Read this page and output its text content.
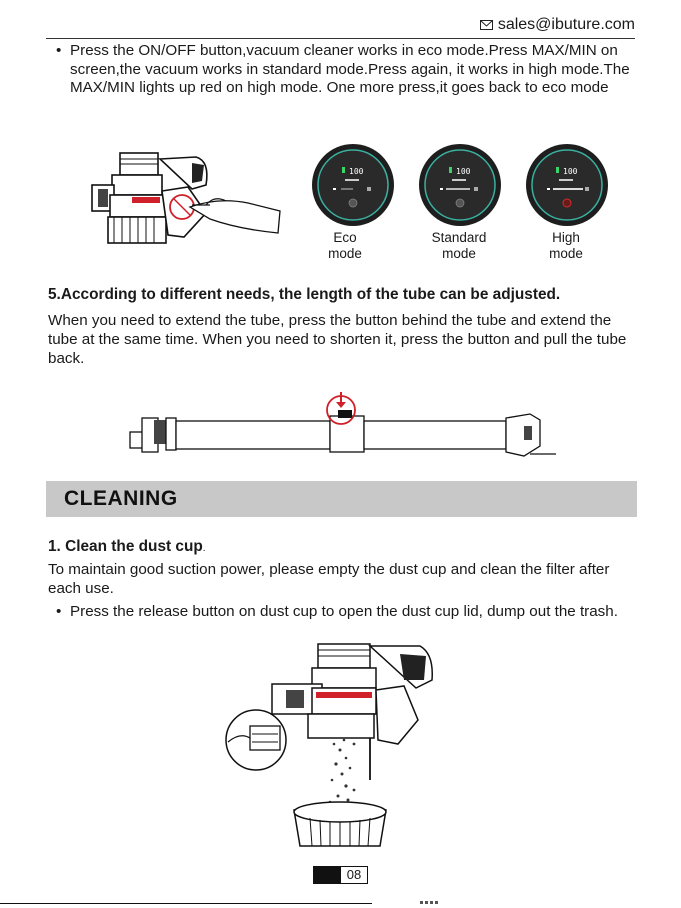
sales@ibuture.com
• Press the ON/OFF button,vacuum cleaner works in eco mode.Press MAX/MIN on screen,the vacuum works in standard mode.Press again, it works in high mode.The MAX/MIN lights up red on high mode. One more press,it goes back to eco mode
100	100	100
Eco
mode
Standard
mode
High
mode
5.According to different needs, the length of the tube can be adjusted.
When you need to extend the tube, press the button behind the tube and extend the tube at the same time. When you need to shorten it, press the button and pull the tube back.
CLEANING
1. Clean the dust cup.
To maintain good suction power, please empty the dust cup and clean the filter after each use.
• Press the release button on dust cup to open the dust cup lid, dump out the trash.
08
